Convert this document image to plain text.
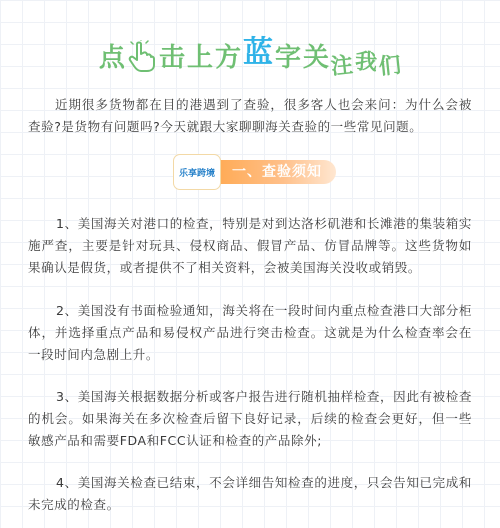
点 击 上 方 蓝 字 关 注 我 们

近期很多货物都在目的港遇到了查验，很多客人也会来问：为什么会被查验?是货物有问题吗?今天就跟大家聊聊海关查验的一些常见问题。

乐享跨境 一、查验须知

1、美国海关对港口的检查，特别是对到达洛杉矶港和长滩港的集装箱实施严查，主要是针对玩具、侵权商品、假冒产品、仿冒品牌等。这些货物如果确认是假货，或者提供不了相关资料，会被美国海关没收或销毁。

2、美国没有书面检验通知，海关将在一段时间内重点检查港口大部分柜体，并选择重点产品和易侵权产品进行突击检查。这就是为什么检查率会在一段时间内急剧上升。

3、美国海关根据数据分析或客户报告进行随机抽样检查，因此有被检查的机会。如果海关在多次检查后留下良好记录，后续的检查会更好，但一些敏感产品和需要FDA和FCC认证和检查的产品除外;

4、美国海关检查已结束，不会详细告知检查的进度，只会告知已完成和未完成的检查。
